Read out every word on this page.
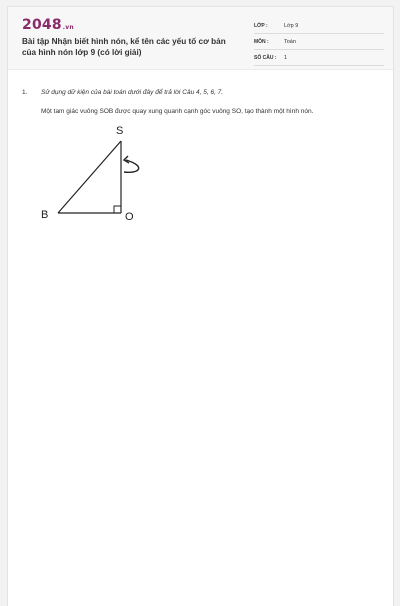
2048.vn
Bài tập Nhận biết hình nón, kể tên các yếu tố cơ bản của hình nón lớp 9 (có lời giải)
LỚP :	Lớp 9
MÔN :	Toán
SỐ CÂU :	1
1. Sử dụng dữ kiện của bài toán dưới đây để trả lời Câu 4, 5, 6, 7.
Một tam giác vuông SOB được quay xung quanh cạnh góc vuông SO, tạo thành một hình nón.
S
B	O
